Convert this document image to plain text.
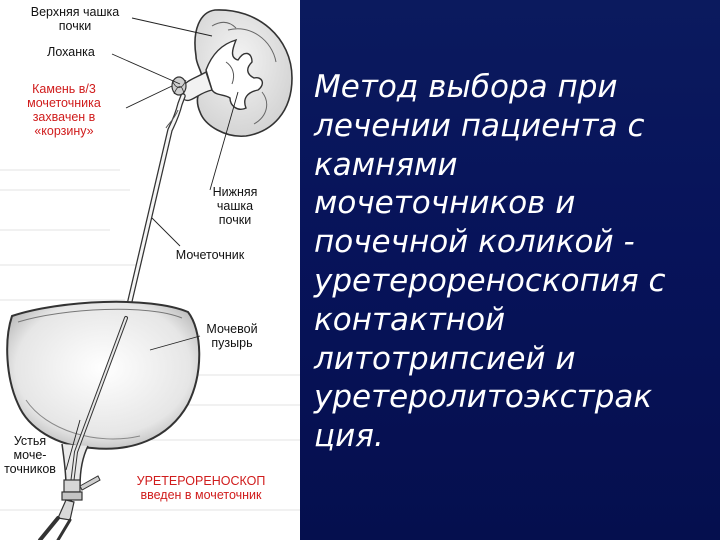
Верхняя чашка
почки
Лоханка
Камень в/3
мочеточника
захвачен в
«корзину»
Нижняя
чашка
почки
Мочеточник
Мочевой
пузырь
Устья
моче-
точников
УРЕТЕРОРЕНОСКОП
введен в мочеточник
Метод выбора при
лечении пациента с
камнями
мочеточников и
почечной коликой -
уретерореноскопия с
контактной
литотрипсией и
уретеролитоэкстрак
ция.
